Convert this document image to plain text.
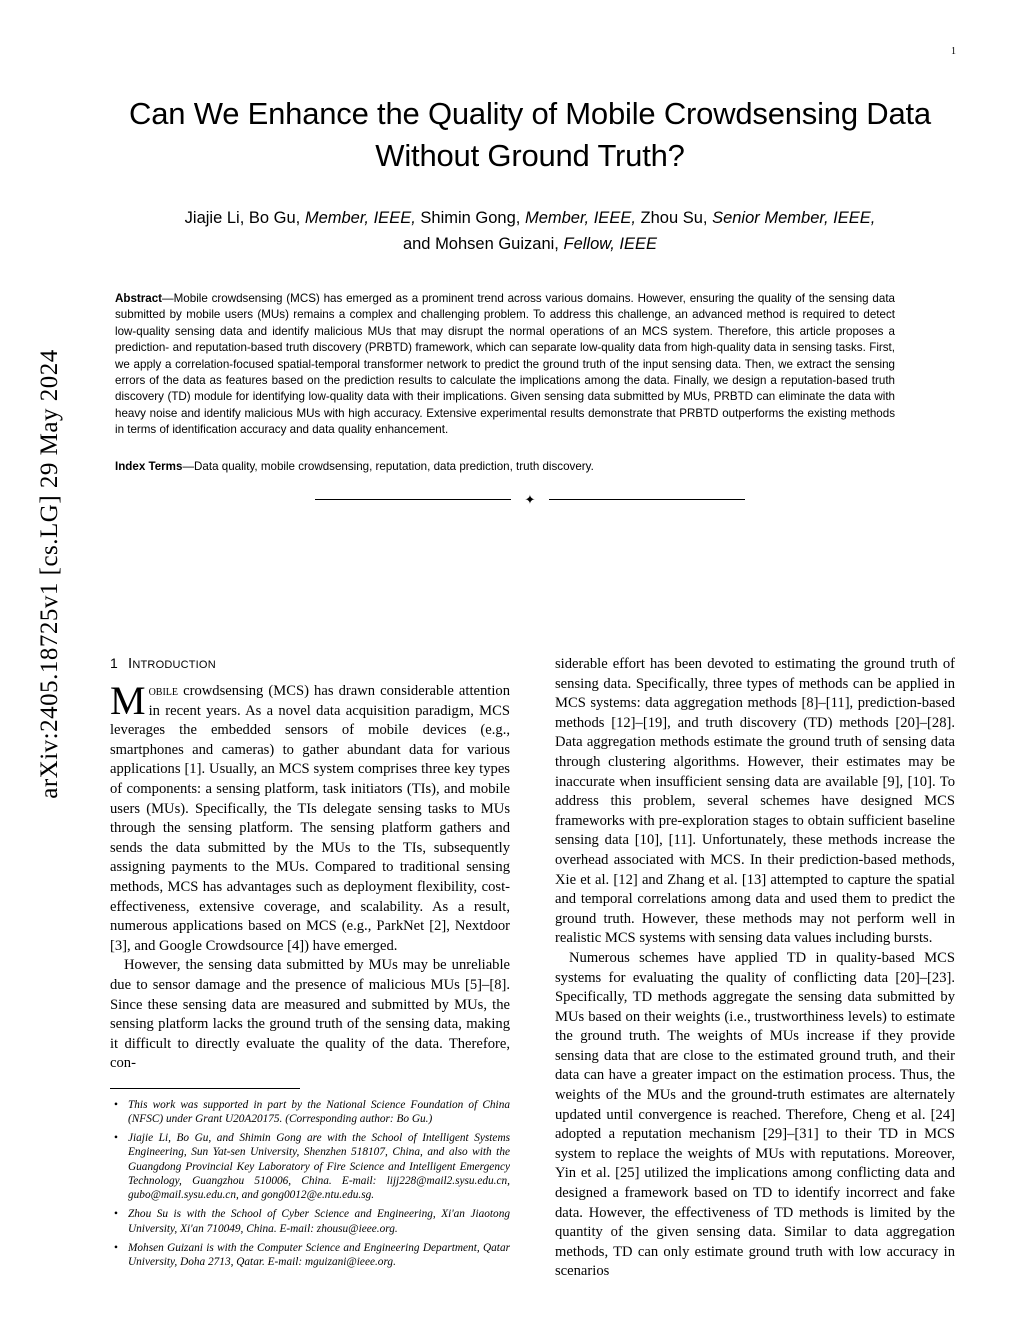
1
arXiv:2405.18725v1 [cs.LG] 29 May 2024
Can We Enhance the Quality of Mobile Crowdsensing Data Without Ground Truth?
Jiajie Li, Bo Gu, Member, IEEE, Shimin Gong, Member, IEEE, Zhou Su, Senior Member, IEEE,
and Mohsen Guizani, Fellow, IEEE
Abstract—Mobile crowdsensing (MCS) has emerged as a prominent trend across various domains. However, ensuring the quality of the sensing data submitted by mobile users (MUs) remains a complex and challenging problem. To address this challenge, an advanced method is required to detect low-quality sensing data and identify malicious MUs that may disrupt the normal operations of an MCS system. Therefore, this article proposes a prediction- and reputation-based truth discovery (PRBTD) framework, which can separate low-quality data from high-quality data in sensing tasks. First, we apply a correlation-focused spatial-temporal transformer network to predict the ground truth of the input sensing data. Then, we extract the sensing errors of the data as features based on the prediction results to calculate the implications among the data. Finally, we design a reputation-based truth discovery (TD) module for identifying low-quality data with their implications. Given sensing data submitted by MUs, PRBTD can eliminate the data with heavy noise and identify malicious MUs with high accuracy. Extensive experimental results demonstrate that PRBTD outperforms the existing methods in terms of identification accuracy and data quality enhancement.
Index Terms—Data quality, mobile crowdsensing, reputation, data prediction, truth discovery.
✦
1 Introduction

Mobile crowdsensing (MCS) has drawn considerable attention in recent years. As a novel data acquisition paradigm, MCS leverages the embedded sensors of mobile devices (e.g., smartphones and cameras) to gather abundant data for various applications [1]. Usually, an MCS system comprises three key types of components: a sensing platform, task initiators (TIs), and mobile users (MUs). Specifically, the TIs delegate sensing tasks to MUs through the sensing platform. The sensing platform gathers and sends the data submitted by the MUs to the TIs, subsequently assigning payments to the MUs. Compared to traditional sensing methods, MCS has advantages such as deployment flexibility, cost-effectiveness, extensive coverage, and scalability. As a result, numerous applications based on MCS (e.g., ParkNet [2], Nextdoor [3], and Google Crowdsource [4]) have emerged.

However, the sensing data submitted by MUs may be unreliable due to sensor damage and the presence of malicious MUs [5]–[8]. Since these sensing data are measured and submitted by MUs, the sensing platform lacks the ground truth of the sensing data, making it difficult to directly evaluate the quality of the data. Therefore, con-

• This work was supported in part by the National Science Foundation of China (NFSC) under Grant U20A20175. (Corresponding author: Bo Gu.)
• Jiajie Li, Bo Gu, and Shimin Gong are with the School of Intelligent Systems Engineering, Sun Yat-sen University, Shenzhen 518107, China, and also with the Guangdong Provincial Key Laboratory of Fire Science and Intelligent Emergency Technology, Guangzhou 510006, China. E-mail: lijj228@mail2.sysu.edu.cn, gubo@mail.sysu.edu.cn, and gong0012@e.ntu.edu.sg.
• Zhou Su is with the School of Cyber Science and Engineering, Xi'an Jiaotong University, Xi'an 710049, China. E-mail: zhousu@ieee.org.
• Mohsen Guizani is with the Computer Science and Engineering Department, Qatar University, Doha 2713, Qatar. E-mail: mguizani@ieee.org.

siderable effort has been devoted to estimating the ground truth of sensing data. Specifically, three types of methods can be applied in MCS systems: data aggregation methods [8]–[11], prediction-based methods [12]–[19], and truth discovery (TD) methods [20]–[28]. Data aggregation methods estimate the ground truth of sensing data through clustering algorithms. However, their estimates may be inaccurate when insufficient sensing data are available [9], [10]. To address this problem, several schemes have designed MCS frameworks with pre-exploration stages to obtain sufficient baseline sensing data [10], [11]. Unfortunately, these methods increase the overhead associated with MCS. In their prediction-based methods, Xie et al. [12] and Zhang et al. [13] attempted to capture the spatial and temporal correlations among data and used them to predict the ground truth. However, these methods may not perform well in realistic MCS systems with sensing data values including bursts.

Numerous schemes have applied TD in quality-based MCS systems for evaluating the quality of conflicting data [20]–[23]. Specifically, TD methods aggregate the sensing data submitted by MUs based on their weights (i.e., trustworthiness levels) to estimate the ground truth. The weights of MUs increase if they provide sensing data that are close to the estimated ground truth, and their data can have a greater impact on the estimation process. Thus, the weights of the MUs and the ground-truth estimates are alternately updated until convergence is reached. Therefore, Cheng et al. [24] adopted a reputation mechanism [29]–[31] to their TD in MCS system to replace the weights of MUs with reputations. Moreover, Yin et al. [25] utilized the implications among conflicting data and designed a framework based on TD to identify incorrect and fake data. However, the effectiveness of TD methods is limited by the quantity of the given sensing data. Similar to data aggregation methods, TD can only estimate ground truth with low accuracy in scenarios
